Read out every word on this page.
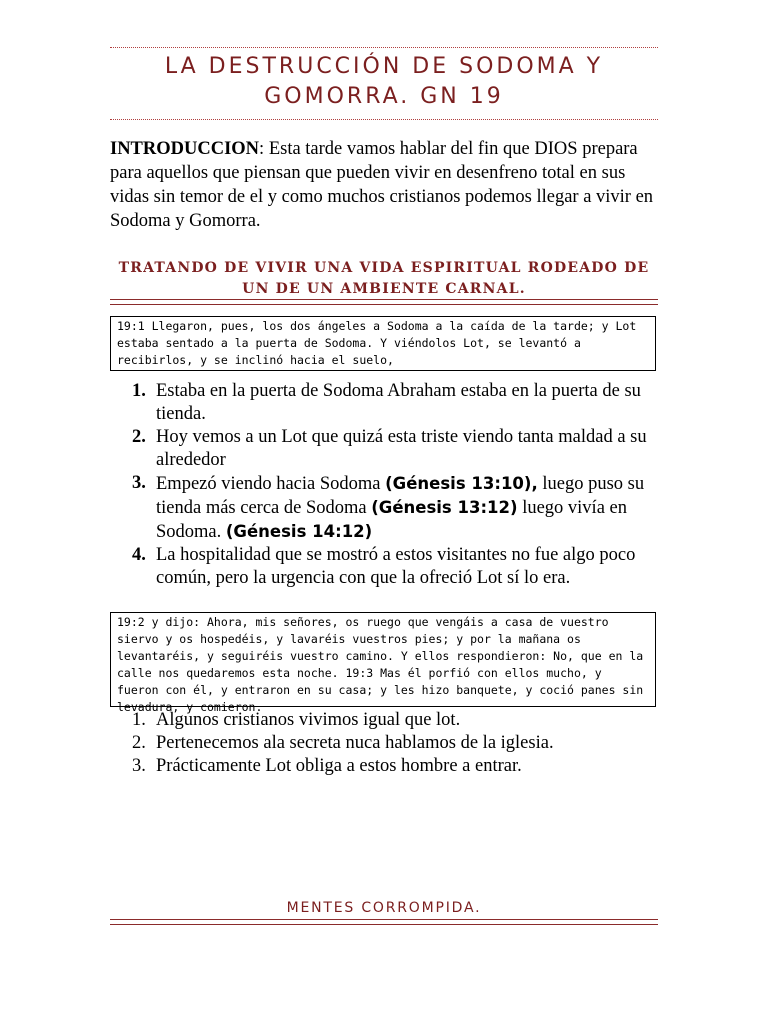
LA DESTRUCCIÓN DE SODOMA Y
GOMORRA. GN 19

INTRODUCCION: Esta tarde vamos hablar del fin que DIOS prepara para aquellos que piensan que pueden vivir en desenfreno total en sus vidas sin temor de el y como muchos cristianos podemos llegar a vivir en Sodoma y Gomorra.

TRATANDO DE VIVIR UNA VIDA ESPIRITUAL RODEADO DE
UN DE UN AMBIENTE CARNAL.
19:1 Llegaron, pues, los dos ángeles a Sodoma a la caída de la tarde; y Lot estaba sentado a la puerta de Sodoma. Y viéndolos Lot, se levantó a recibirlos, y se inclinó hacia el suelo,
1. Estaba en la puerta de Sodoma Abraham estaba en la puerta de su tienda.
2. Hoy vemos a un Lot que quizá esta triste viendo tanta maldad a su alrededor
3. Empezó viendo hacia Sodoma (Génesis 13:10), luego puso su tienda más cerca de Sodoma (Génesis 13:12) luego vivía en Sodoma. (Génesis 14:12)
4. La hospitalidad que se mostró a estos visitantes no fue algo poco común, pero la urgencia con que la ofreció Lot sí lo era.
19:2 y dijo: Ahora, mis señores, os ruego que vengáis a casa de vuestro siervo y os hospedéis, y lavaréis vuestros pies; y por la mañana os levantaréis, y seguiréis vuestro camino. Y ellos respondieron: No, que en la calle nos quedaremos esta noche. 19:3 Mas él porfió con ellos mucho, y fueron con él, y entraron en su casa; y les hizo banquete, y coció panes sin levadura, y comieron.
1. Algunos cristianos vivimos igual que lot.
2. Pertenecemos ala secreta nuca hablamos de la iglesia.
3. Prácticamente Lot obliga a estos hombre a entrar.
MENTES CORROMPIDA.
